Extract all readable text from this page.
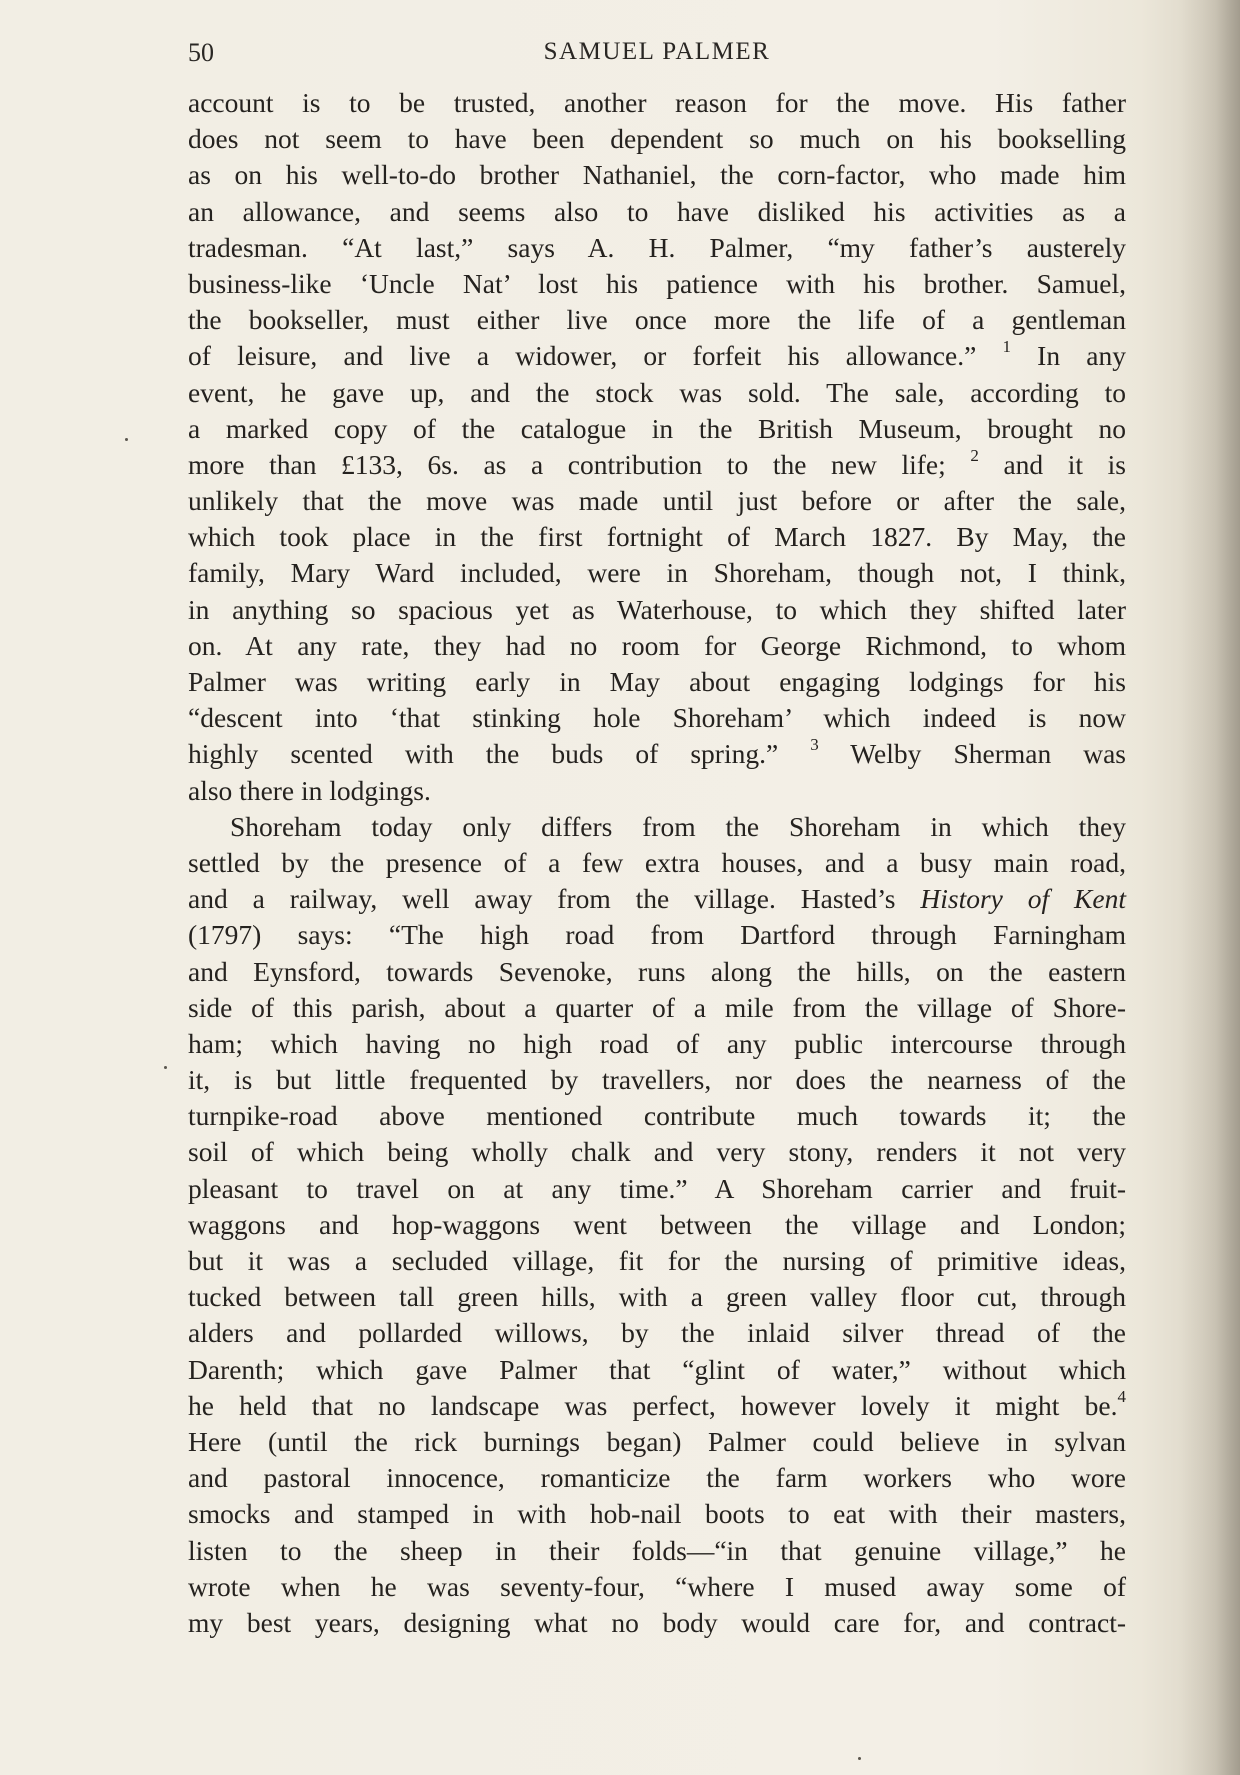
50	SAMUEL PALMER
account is to be trusted, another reason for the move. His father
does not seem to have been dependent so much on his bookselling
as on his well-to-do brother Nathaniel, the corn-factor, who made him
an allowance, and seems also to have disliked his activities as a
tradesman. “At last,” says A. H. Palmer, “my father’s austerely
business-like ‘Uncle Nat’ lost his patience with his brother. Samuel,
the bookseller, must either live once more the life of a gentleman
of leisure, and live a widower, or forfeit his allowance.” $^1$ In any
event, he gave up, and the stock was sold. The sale, according to
a marked copy of the catalogue in the British Museum, brought no
more than £133, 6s. as a contribution to the new life; $^2$ and it is
unlikely that the move was made until just before or after the sale,
which took place in the first fortnight of March 1827. By May, the
family, Mary Ward included, were in Shoreham, though not, I think,
in anything so spacious yet as Waterhouse, to which they shifted later
on. At any rate, they had no room for George Richmond, to whom
Palmer was writing early in May about engaging lodgings for his
“descent into ‘that stinking hole Shoreham’ which indeed is now
highly scented with the buds of spring.” $^3$ Welby Sherman was
also there in lodgings.
Shoreham today only differs from the Shoreham in which they
settled by the presence of a few extra houses, and a busy main road,
and a railway, well away from the village. Hasted’s History of Kent
(1797) says: “The high road from Dartford through Farningham
and Eynsford, towards Sevenoke, runs along the hills, on the eastern
side of this parish, about a quarter of a mile from the village of Shore-
ham; which having no high road of any public intercourse through
it, is but little frequented by travellers, nor does the nearness of the
turnpike-road above mentioned contribute much towards it; the
soil of which being wholly chalk and very stony, renders it not very
pleasant to travel on at any time.” A Shoreham carrier and fruit-
waggons and hop-waggons went between the village and London;
but it was a secluded village, fit for the nursing of primitive ideas,
tucked between tall green hills, with a green valley floor cut, through
alders and pollarded willows, by the inlaid silver thread of the
Darenth; which gave Palmer that “glint of water,” without which
he held that no landscape was perfect, however lovely it might be.$^4$
Here (until the rick burnings began) Palmer could believe in sylvan
and pastoral innocence, romanticize the farm workers who wore
smocks and stamped in with hob-nail boots to eat with their masters,
listen to the sheep in their folds—“in that genuine village,” he
wrote when he was seventy-four, “where I mused away some of
my best years, designing what no body would care for, and contract-
